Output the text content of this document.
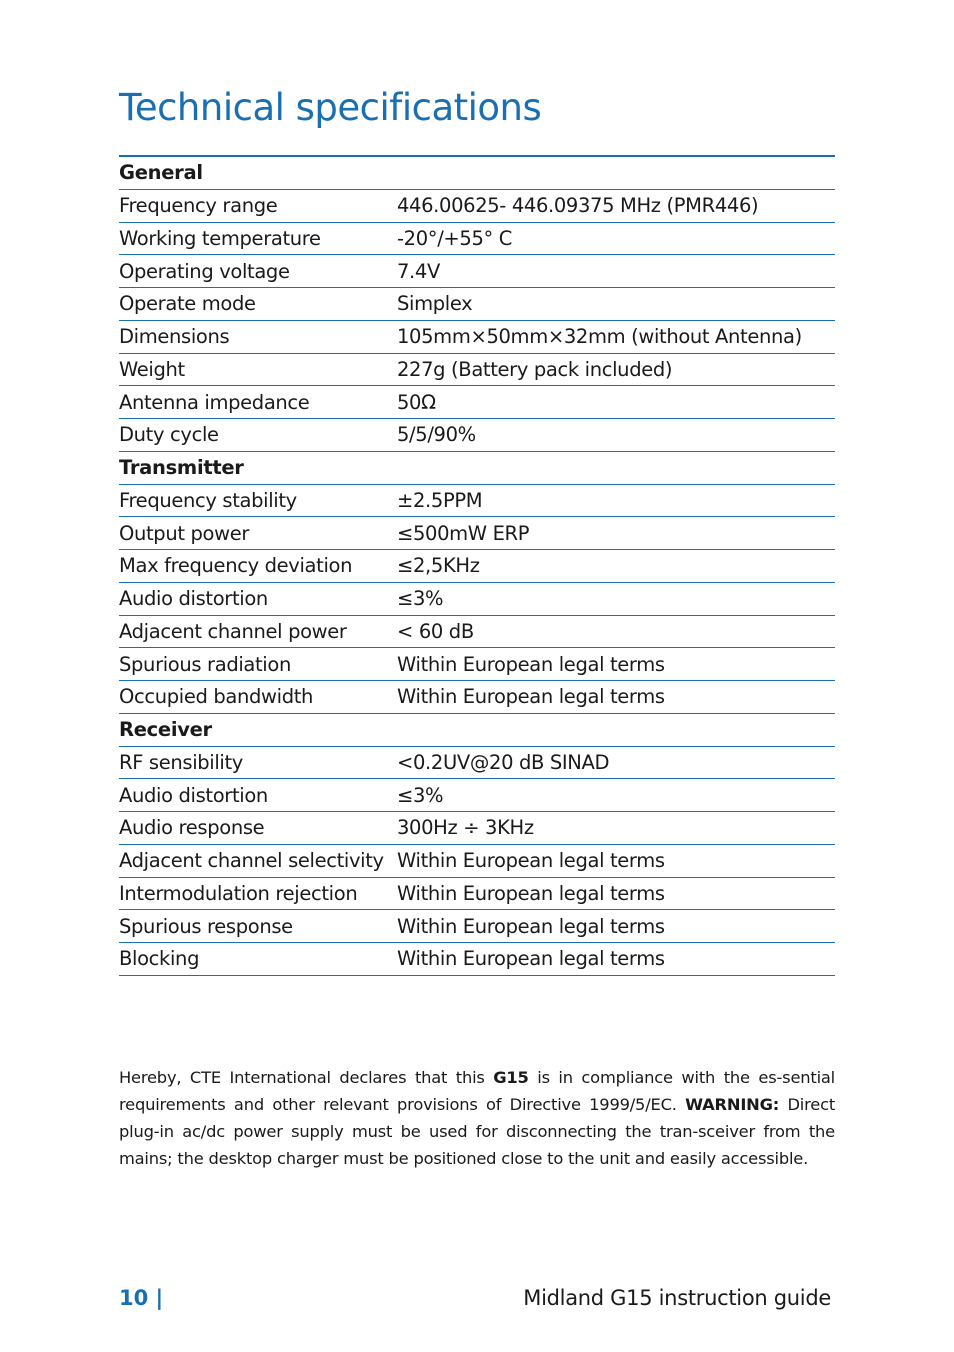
Technical specifications
General
Frequency range	446.00625- 446.09375 MHz (PMR446)
Working temperature	-20°/+55° C
Operating voltage	7.4V
Operate mode	Simplex
Dimensions	105mm×50mm×32mm (without Antenna)
Weight	227g (Battery pack included)
Antenna impedance	50Ω
Duty cycle	5/5/90%
Transmitter
Frequency stability	±2.5PPM
Output power	≤500mW ERP
Max frequency deviation	≤2,5KHz
Audio distortion	≤3%
Adjacent channel power	< 60 dB
Spurious radiation	Within European legal terms
Occupied bandwidth	Within European legal terms
Receiver
RF sensibility	<0.2UV@20 dB SINAD
Audio distortion	≤3%
Audio response	300Hz ÷ 3KHz
Adjacent channel selectivity Within European legal terms
Intermodulation rejection	Within European legal terms
Spurious response	Within European legal terms
Blocking	Within European legal terms

Hereby, CTE International declares that this G15 is in compliance with the es-sential requirements and other relevant provisions of Directive 1999/5/EC. WARNING: Direct plug-in ac/dc power supply must be used for disconnecting the tran-sceiver from the mains; the desktop charger must be positioned close to the unit and easily accessible.

10 |	Midland G15 instruction guide
